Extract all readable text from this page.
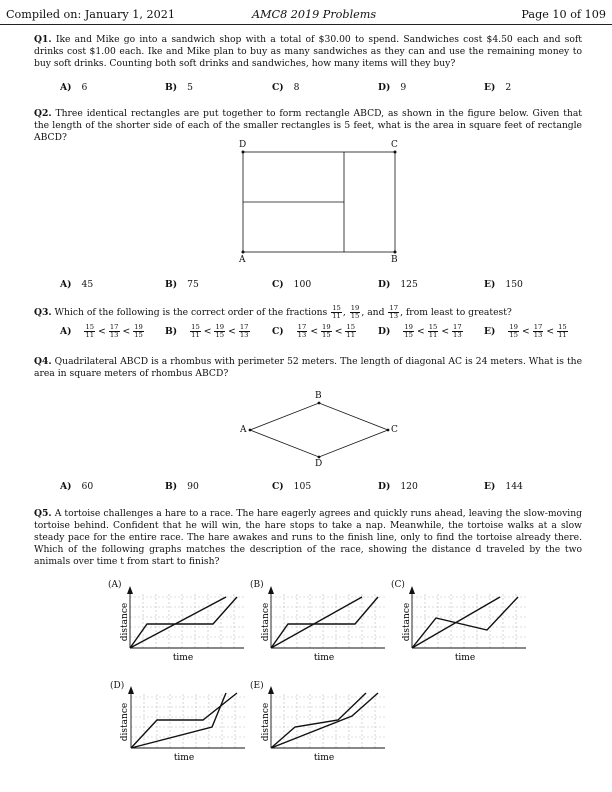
Compiled on: January 1, 2021	AMC8 2019 Problems	Page 10 of 109
Q1. Ike and Mike go into a sandwich shop with a total of $30.00 to spend. Sandwiches cost $4.50 each and soft drinks cost $1.00 each. Ike and Mike plan to buy as many sandwiches as they can and use the remaining money to buy soft drinks. Counting both soft drinks and sandwiches, how many items will they buy?
A) 6	B) 5	C) 8	D) 9	E) 2
Q2. Three identical rectangles are put together to form rectangle ABCD, as shown in the figure below. Given that the length of the shorter side of each of the smaller rectangles is 5 feet, what is the area in square feet of rectangle ABCD?
D	C
A	B
A) 45	B) 75	C) 100	D) 125	E) 150
Q3. Which of the following is the correct order of the fractions $\frac{15}{11}$ , $\frac{19}{15}$ , and $\frac{17}{13}$ , from least to greatest?
$A) \frac{15}{11} < \frac{17}{13} < \frac{19}{15} B) \frac{15}{11} < \frac{19}{15} < \frac{17}{13} C) \frac{17}{13} < \frac{19}{15} < \frac{15}{11} D) \frac{19}{15} < \frac{15}{11} < \frac{17}{13} E) \frac{19}{15} < \frac{17}{13} < \frac{15}{11}$
Q4. Quadrilateral ABCD is a rhombus with perimeter 52 meters. The length of diagonal AC is 24 meters. What is the area in square meters of rhombus ABCD?
A
B
C
D
A) 60	B) 90	C) 105	D) 120	E) 144
Q5. A tortoise challenges a hare to a race. The hare eagerly agrees and quickly runs ahead, leaving the slow-moving tortoise behind. Confident that he will win, the hare stops to take a nap. Meanwhile, the tortoise walks at a slow steady pace for the entire race. The hare awakes and runs to the finish line, only to find the tortoise already there. Which of the following graphs matches the description of the race, showing the distance d traveled by the two animals over time t from start to finish?
(A)
distance
time
(B)
distance
time
(C)
distance
time
(D)
distance
time
(E)
distance
time
